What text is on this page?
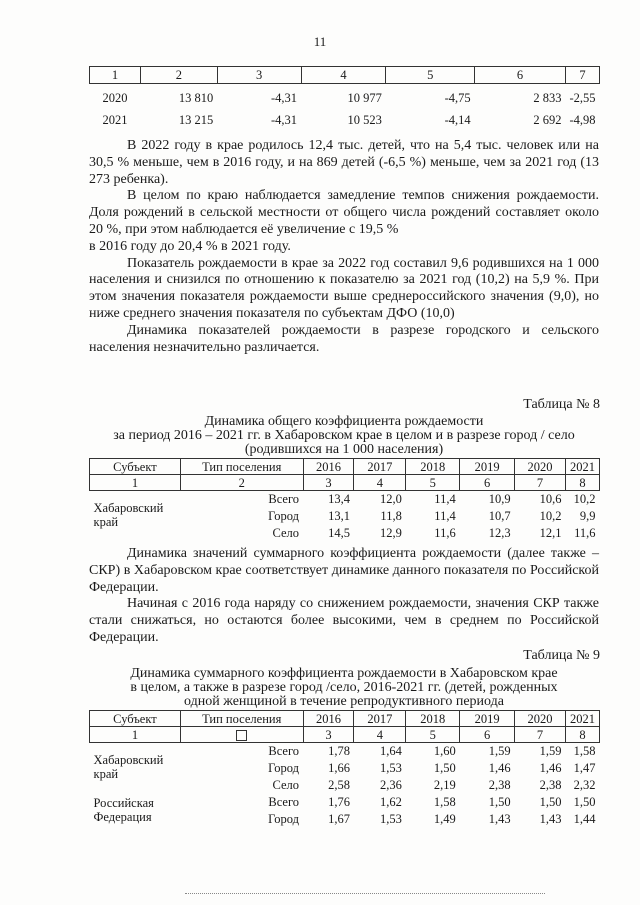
11
1	2	3	4	5	6	7
2020	13 810	-4,31	10 977	-4,75	2 833	-2,55
2021	13 215	-4,31	10 523	-4,14	2 692	-4,98

В 2022 году в крае родилось 12,4 тыс. детей, что на 5,4 тыс. человек или на 30,5 % меньше, чем в 2016 году, и на 869 детей (-6,5 %) меньше, чем за 2021 год (13 273 ребенка).

В целом по краю наблюдается замедление темпов снижения рождаемости. Доля рождений в сельской местности от общего числа рождений составляет около 20 %, при этом наблюдается её увеличение с 19,5 %

в 2016 году до 20,4 % в 2021 году.

Показатель рождаемости в крае за 2022 год составил 9,6 родившихся на 1 000 населения и снизился по отношению к показателю за 2021 год (10,2) на 5,9 %. При этом значения показателя рождаемости выше среднероссийского значения (9,0), но ниже среднего значения показателя по субъектам ДФО (10,0)

Динамика показателей рождаемости в разрезе городского и сельского населения незначительно различается.

Таблица № 8
Динамика общего коэффициента рождаемости
за период 2016 – 2021 гг. в Хабаровском крае в целом и в разрезе город / село
(родившихся на 1 000 населения)
Субъект	Тип поселения	2016	2017	2018	2019	2020	2021
1	2	3	4	5	6	7	8
Хабаровский край	Всего	13,4	12,0	11,4	10,9	10,6	10,2
	Город	13,1	11,8	11,4	10,7	10,2	9,9
	Село	14,5	12,9	11,6	12,3	12,1	11,6

Динамика значений суммарного коэффициента рождаемости (далее также – СКР) в Хабаровском крае соответствует динамике данного показателя по Российской Федерации.

Начиная с 2016 года наряду со снижением рождаемости, значения СКР также стали снижаться, но остаются более высокими, чем в среднем по Российской Федерации.

Таблица № 9
Динамика суммарного коэффициента рождаемости в Хабаровском крае
в целом, а также в разрезе город /село, 2016-2021 гг. (детей, рожденных
одной женщиной в течение репродуктивного периода
Субъект	Тип поселения	2016	2017	2018	2019	2020	2021
1		3	4	5	6	7	8
Хабаровский край	Всего	1,78	1,64	1,60	1,59	1,59	1,58
	Город	1,66	1,53	1,50	1,46	1,46	1,47
	Село	2,58	2,36	2,19	2,38	2,38	2,32
Российская Федерация	Всего	1,76	1,62	1,58	1,50	1,50	1,50
	Город	1,67	1,53	1,49	1,43	1,43	1,44
